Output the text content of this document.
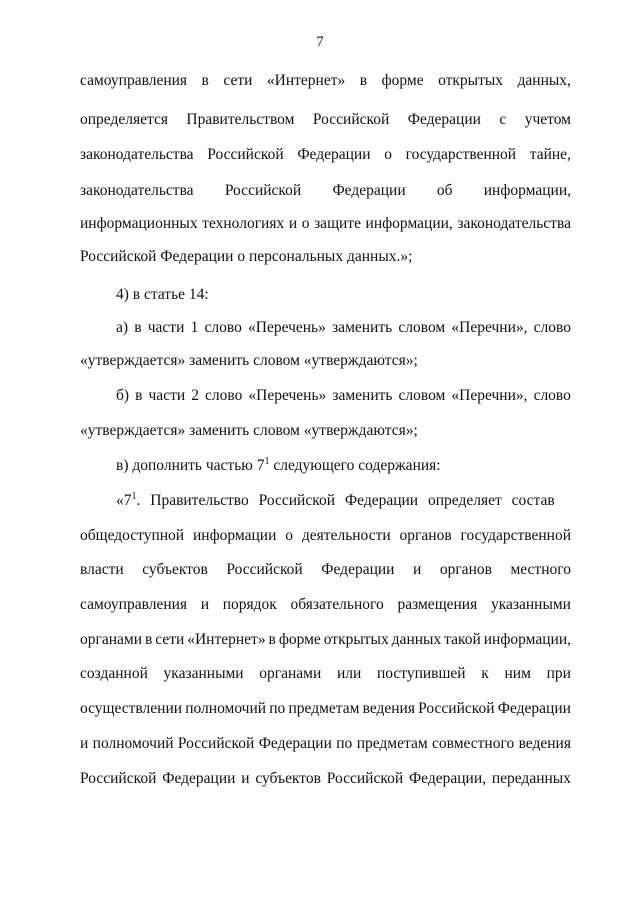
7
самоуправления в сети «Интернет» в форме открытых данных,
определяется Правительством Российской Федерации с учетом
законодательства Российской Федерации о государственной тайне,
законодательства Российской Федерации об информации,
информационных технологиях и о защите информации, законодательства
Российской Федерации о персональных данных.»;
4) в статье 14:
а) в части 1 слово «Перечень» заменить словом «Перечни», слово
«утверждается» заменить словом «утверждаются»;
б) в части 2 слово «Перечень» заменить словом «Перечни», слово
«утверждается» заменить словом «утверждаются»;
в) дополнить частью $7^1$ следующего содержания:
«$7^1$. Правительство Российской Федерации определяет состав
общедоступной информации о деятельности органов государственной
власти субъектов Российской Федерации и органов местного
самоуправления и порядок обязательного размещения указанными
органами в сети «Интернет» в форме открытых данных такой информации,
созданной указанными органами или поступившей к ним при
осуществлении полномочий по предметам ведения Российской Федерации
и полномочий Российской Федерации по предметам совместного ведения
Российской Федерации и субъектов Российской Федерации, переданных
